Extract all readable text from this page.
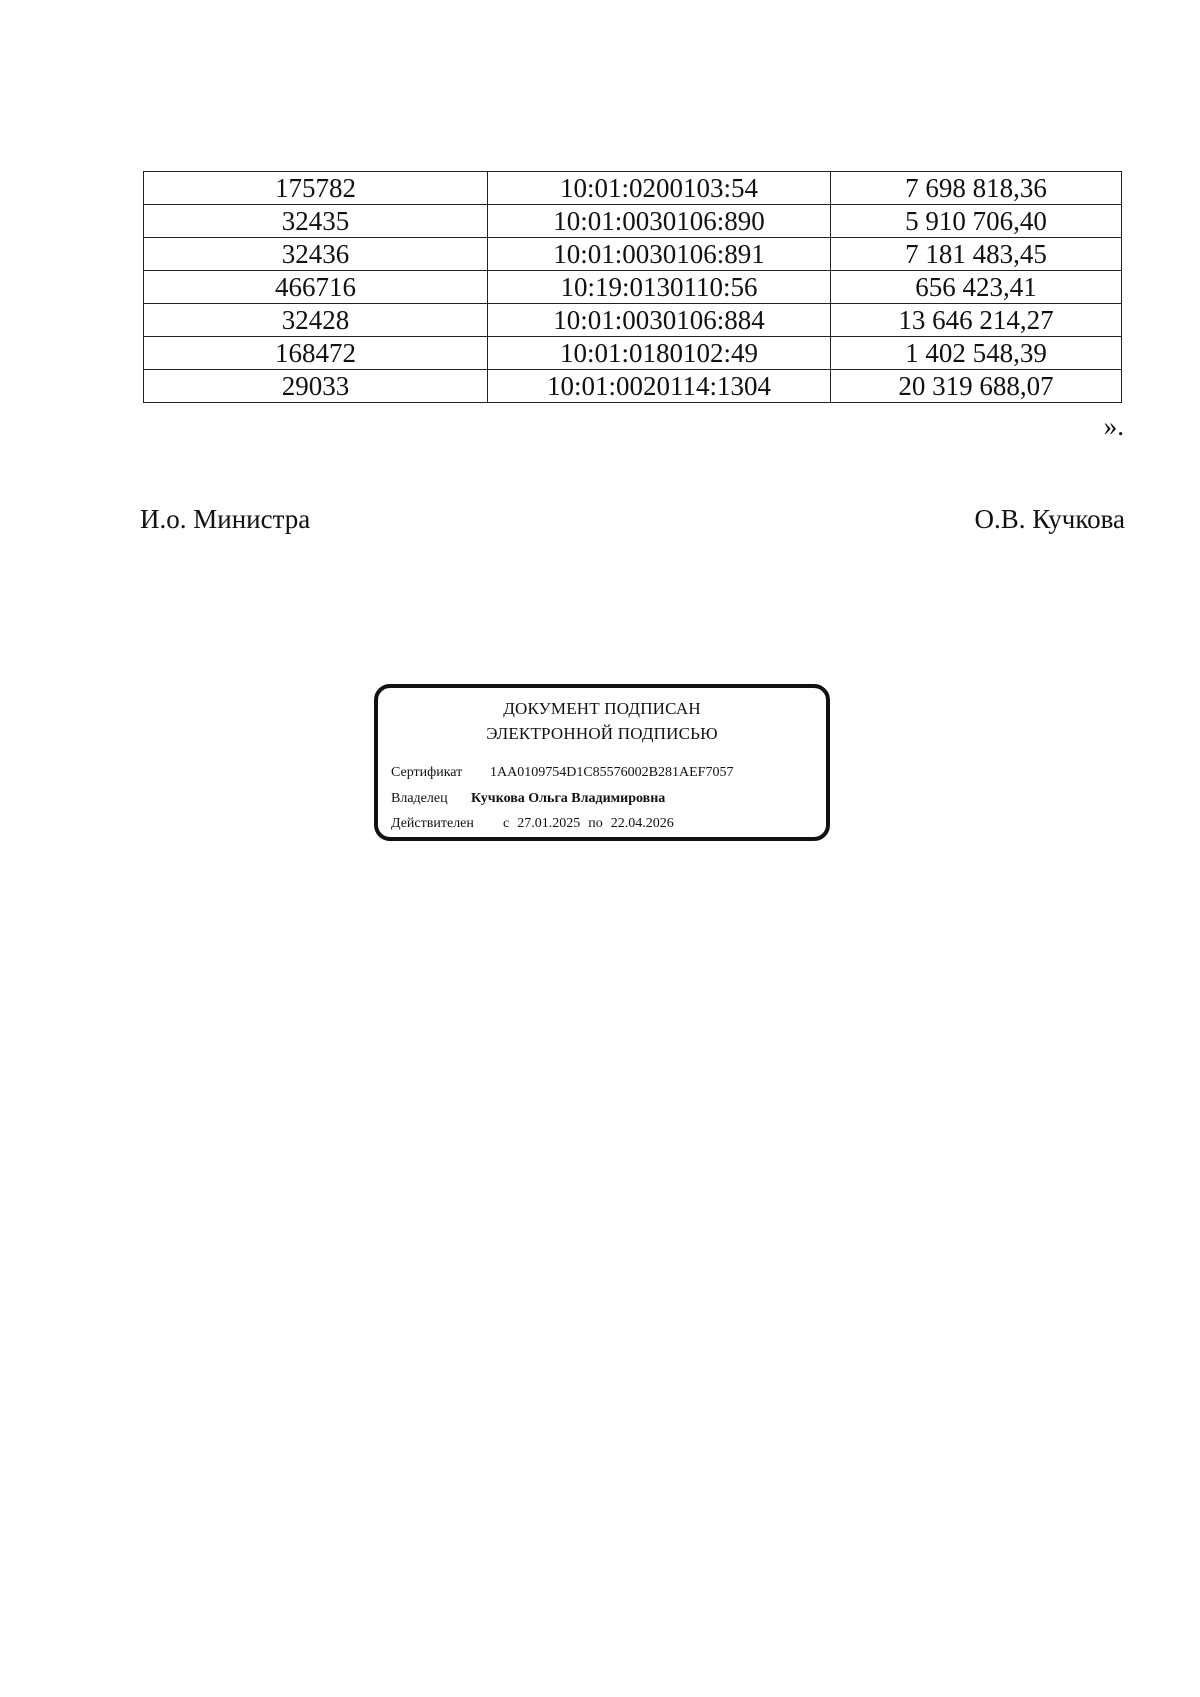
175782	10:01:0200103:54	7 698 818,36
32435	10:01:0030106:890	5 910 706,40
32436	10:01:0030106:891	7 181 483,45
466716	10:19:0130110:56	656 423,41
32428	10:01:0030106:884	13 646 214,27
168472	10:01:0180102:49	1 402 548,39
29033	10:01:0020114:1304	20 319 688,07
».
И.о. Министра	О.В. Кучкова
ДОКУМЕНТ ПОДПИСАН
ЭЛЕКТРОННОЙ ПОДПИСЬЮ
Сертификат 1AA0109754D1C85576002B281AEF7057
Владелец Кучкова Ольга Владимировна
Действителен с 27.01.2025 по 22.04.2026
